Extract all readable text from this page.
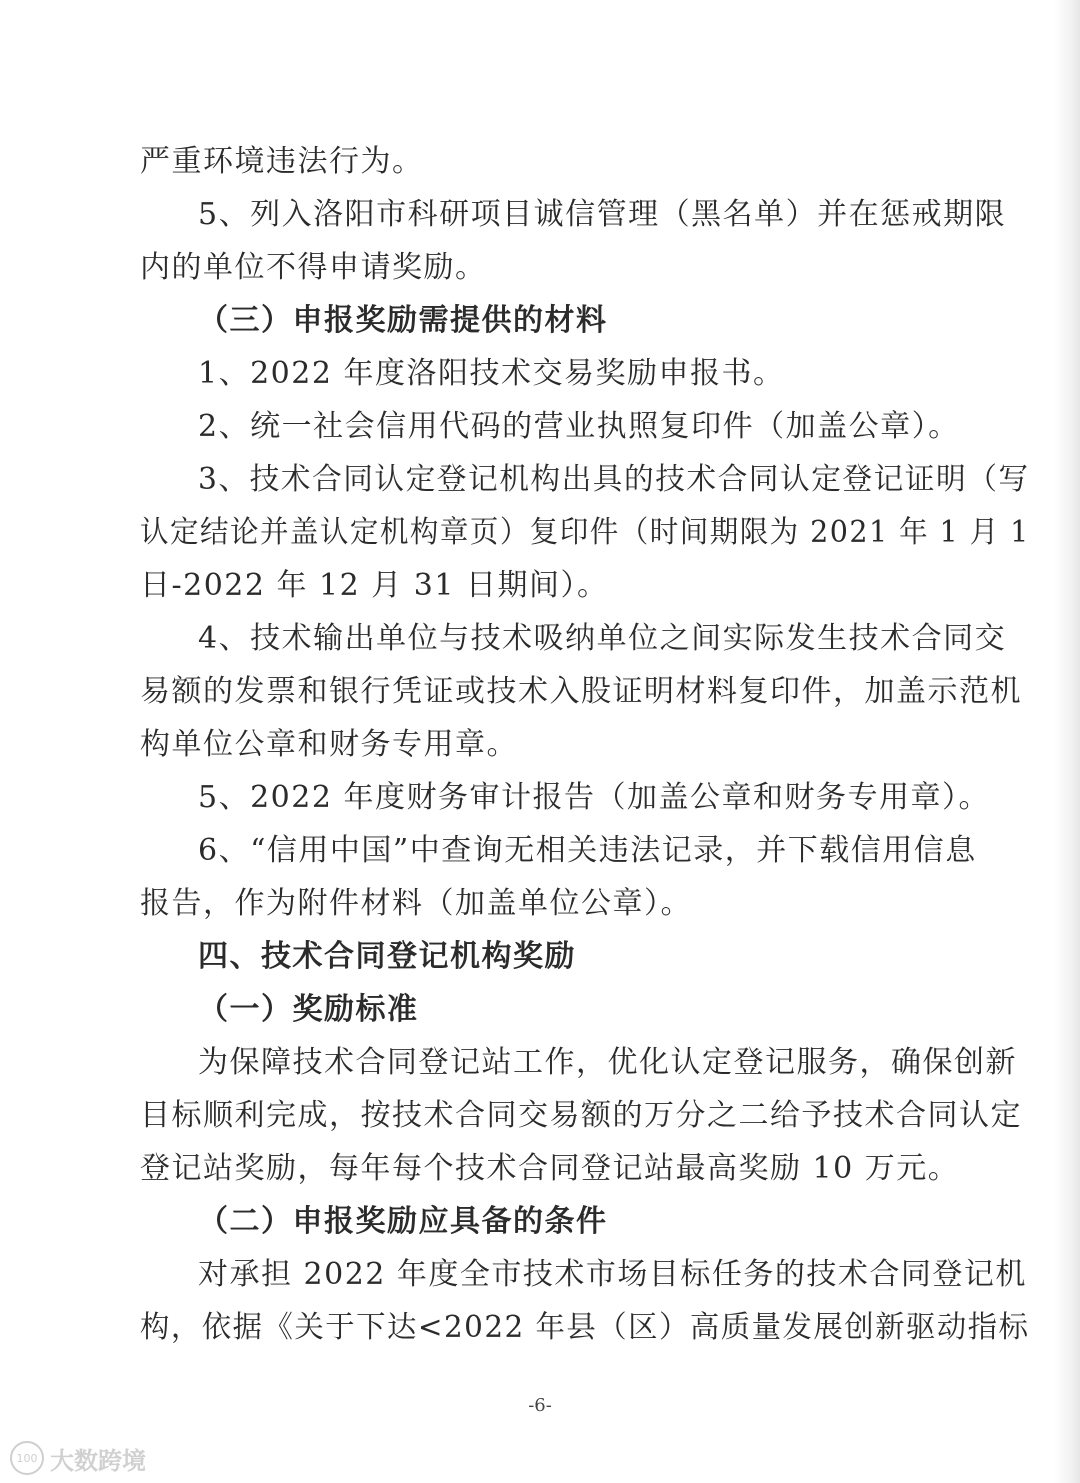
严重环境违法行为。
5、列入洛阳市科研项目诚信管理（黑名单）并在惩戒期限
内的单位不得申请奖励。
（三）申报奖励需提供的材料
1、2022 年度洛阳技术交易奖励申报书。
2、统一社会信用代码的营业执照复印件（加盖公章）。
3、技术合同认定登记机构出具的技术合同认定登记证明（写
认定结论并盖认定机构章页）复印件（时间期限为 2021 年 1 月 1
日-2022 年 12 月 31 日期间）。
4、技术输出单位与技术吸纳单位之间实际发生技术合同交
易额的发票和银行凭证或技术入股证明材料复印件，加盖示范机
构单位公章和财务专用章。
5、2022 年度财务审计报告（加盖公章和财务专用章）。
6、“信用中国”中查询无相关违法记录，并下载信用信息
报告，作为附件材料（加盖单位公章）。
四、技术合同登记机构奖励
（一）奖励标准
为保障技术合同登记站工作，优化认定登记服务，确保创新
目标顺利完成，按技术合同交易额的万分之二给予技术合同认定
登记站奖励，每年每个技术合同登记站最高奖励 10 万元。
（二）申报奖励应具备的条件
对承担 2022 年度全市技术市场目标任务的技术合同登记机
构，依据《关于下达<2022 年县（区）高质量发展创新驱动指标
-6-
100 大数跨境
